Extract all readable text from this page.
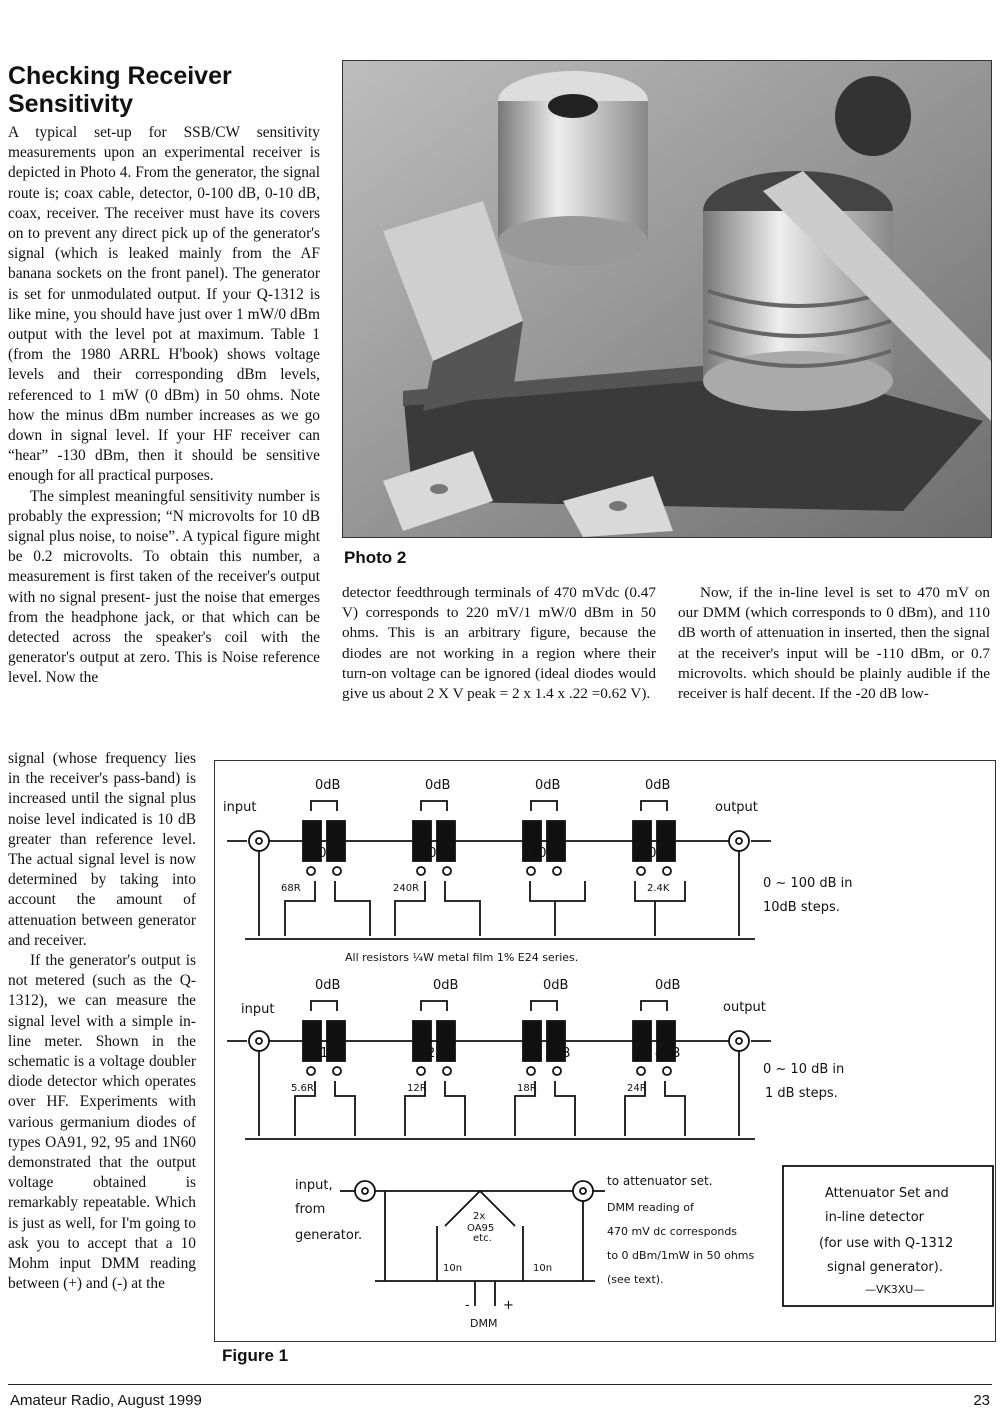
Checking Receiver Sensitivity

A typical set-up for SSB/CW sensitivity measurements upon an experimental receiver is depicted in Photo 4. From the generator, the signal route is; coax cable, detector, 0-100 dB, 0-10 dB, coax, receiver. The receiver must have its covers on to prevent any direct pick up of the generator's signal (which is leaked mainly from the AF banana sockets on the front panel). The generator is set for unmodulated output. If your Q-1312 is like mine, you should have just over 1 mW/0 dBm output with the level pot at maximum. Table 1 (from the 1980 ARRL H'book) shows voltage levels and their corresponding dBm levels, referenced to 1 mW (0 dBm) in 50 ohms. Note how the minus dBm number increases as we go down in signal level. If your HF receiver can “hear” -130 dBm, then it should be sensitive enough for all practical purposes.

The simplest meaningful sensitivity number is probably the expression; “N microvolts for 10 dB signal plus noise, to noise”. A typical figure might be 0.2 microvolts. To obtain this number, a measurement is first taken of the receiver's output with no signal present- just the noise that emerges from the headphone jack, or that which can be detected across the speaker's coil with the generator's output at zero. This is Noise reference level. Now the

signal (whose frequency lies in the receiver's pass-band) is increased until the signal plus noise level indicated is 10 dB greater than reference level. The actual signal level is now determined by taking into account the amount of attenuation between generator and receiver.

If the generator's output is not metered (such as the Q-1312), we can measure the signal level with a simple in-line meter. Shown in the schematic is a voltage doubler diode detector which operates over HF. Experiments with various germanium diodes of types OA91, 92, 95 and 1N60 demonstrated that the output voltage obtained is remarkably repeatable. Which is just as well, for I'm going to ask you to accept that a 10 Mohm input DMM reading between (+) and (-) at the

Photo 2

detector feedthrough terminals of 470 mVdc (0.47 V) corresponds to 220 mV/1 mW/0 dBm in 50 ohms. This is an arbitrary figure, because the diodes are not working in a region where their turn-on voltage can be ignored (ideal diodes would give us about 2 X V peak = 2 x 1.4 x .22 =0.62 V).

Now, if the in-line level is set to 470 mV on our DMM (which corresponds to 0 dBm), and 110 dB worth of attenuation in inserted, then the signal at the receiver's input will be -110 dBm, or 0.7 microvolts. which should be plainly audible if the receiver is half decent. If the -20 dB low-

input	output
0dB	0dB	0dB	0dB
10dB	20dB	30dB	40dB
0 ~ 100 dB in
10dB steps.
All resistors ¼W metal film 1% E24 series.
input	output
0dB	0dB	0dB	0dB
1dB	2 dB	3dB	4dB
0 ~ 10 dB in
1 dB steps.
5.6R	12R	18R	24R
68R	240R	2.4K
input,
from
generator.
to attenuator set.
DMM reading of
470 mV dc corresponds
to 0 dBm/1mW in 50 ohms
(see text).
2x
OA95
etc.
10n	10n
-	+
DMM
Attenuator Set and
in-line detector
(for use with Q-1312
signal generator).
—VK3XU—
Figure 1
Amateur Radio, August 1999	23
